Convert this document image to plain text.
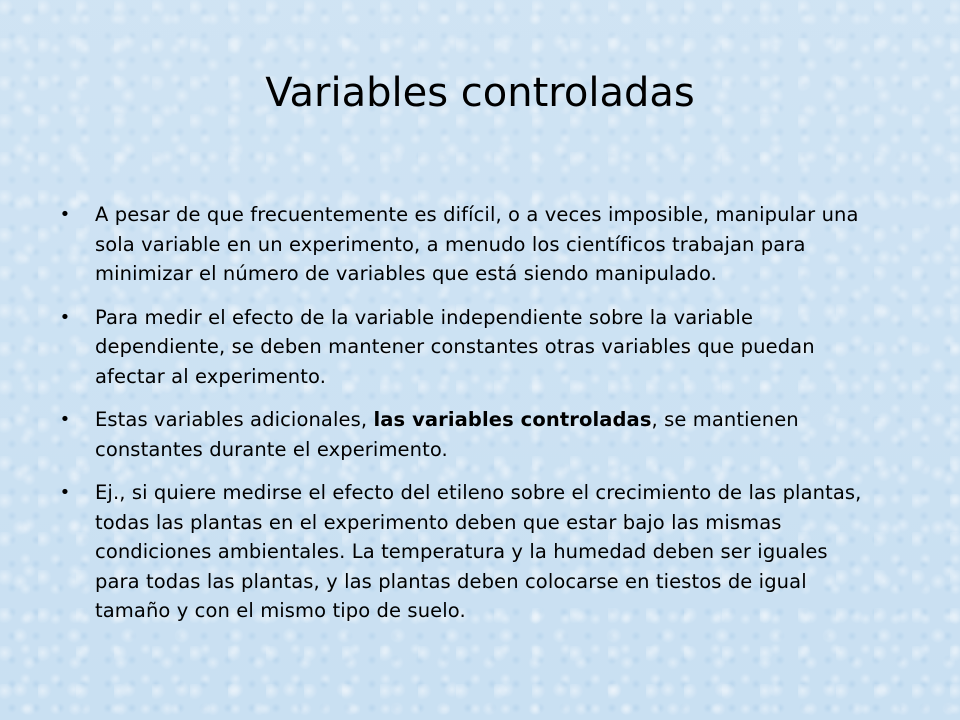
Variables controladas
• A pesar de que frecuentemente es difícil, o a veces imposible, manipular una sola variable en un experimento, a menudo los científicos trabajan para minimizar el número de variables que está siendo manipulado.
• Para medir el efecto de la variable independiente sobre la variable dependiente, se deben mantener constantes otras variables que puedan afectar al experimento.
• Estas variables adicionales, las variables controladas, se mantienen constantes durante el experimento.
• Ej., si quiere medirse el efecto del etileno sobre el crecimiento de las plantas, todas las plantas en el experimento deben que estar bajo las mismas condiciones ambientales. La temperatura y la humedad deben ser iguales para todas las plantas, y las plantas deben colocarse en tiestos de igual tamaño y con el mismo tipo de suelo.
